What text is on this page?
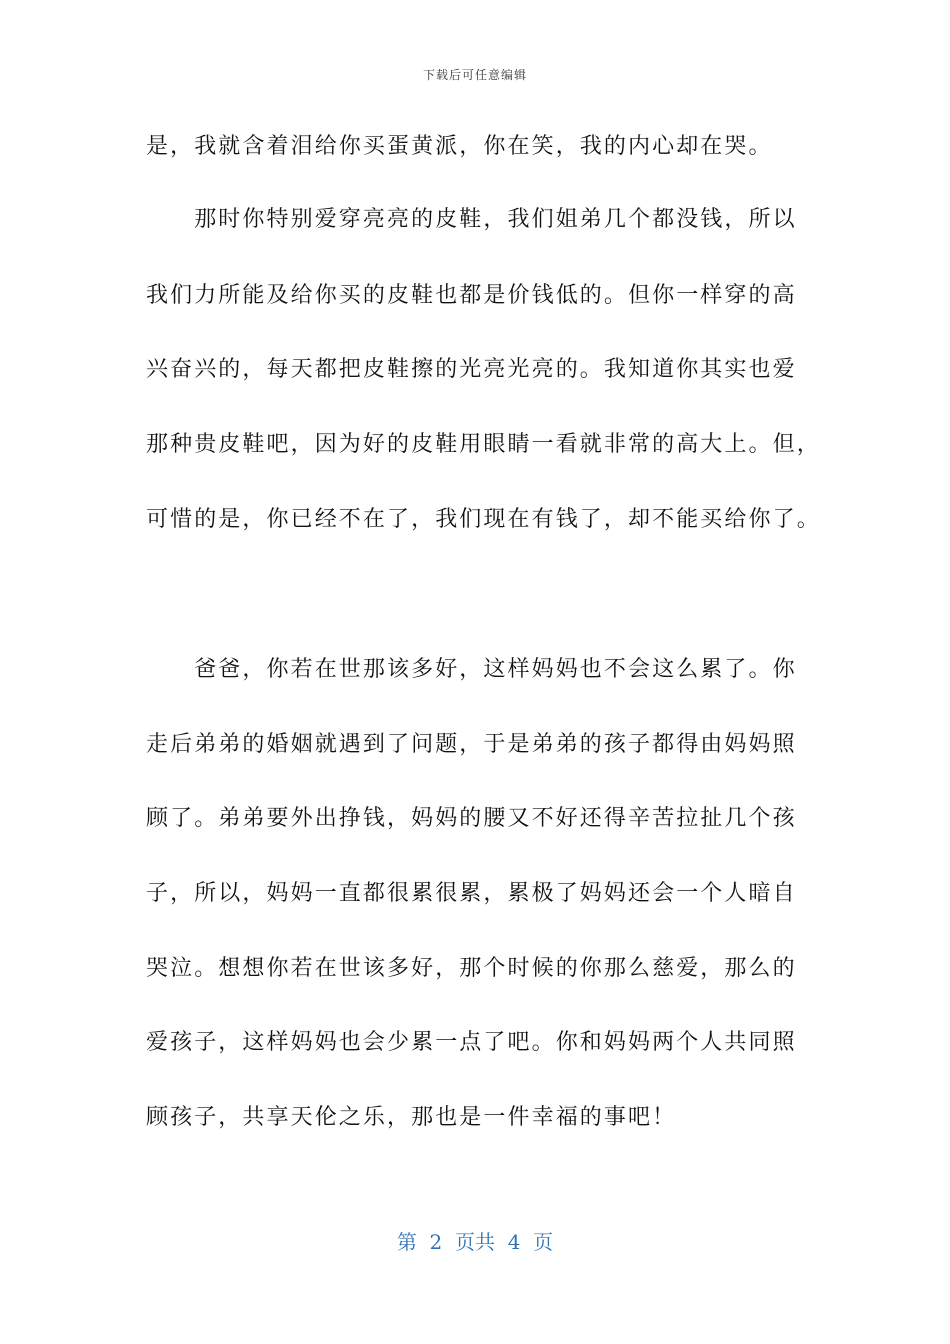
下载后可任意编辑
是，我就含着泪给你买蛋黄派，你在笑，我的内心却在哭。
　　那时你特别爱穿亮亮的皮鞋，我们姐弟几个都没钱，所以
我们力所能及给你买的皮鞋也都是价钱低的。但你一样穿的高
兴奋兴的，每天都把皮鞋擦的光亮光亮的。我知道你其实也爱
那种贵皮鞋吧，因为好的皮鞋用眼睛一看就非常的高大上。但，
可惜的是，你已经不在了，我们现在有钱了，却不能买给你了。
　　爸爸，你若在世那该多好，这样妈妈也不会这么累了。你
走后弟弟的婚姻就遇到了问题，于是弟弟的孩子都得由妈妈照
顾了。弟弟要外出挣钱，妈妈的腰又不好还得辛苦拉扯几个孩
子，所以，妈妈一直都很累很累，累极了妈妈还会一个人暗自
哭泣。想想你若在世该多好，那个时候的你那么慈爱，那么的
爱孩子，这样妈妈也会少累一点了吧。你和妈妈两个人共同照
顾孩子，共享天伦之乐，那也是一件幸福的事吧！
第  2  页共  4  页
